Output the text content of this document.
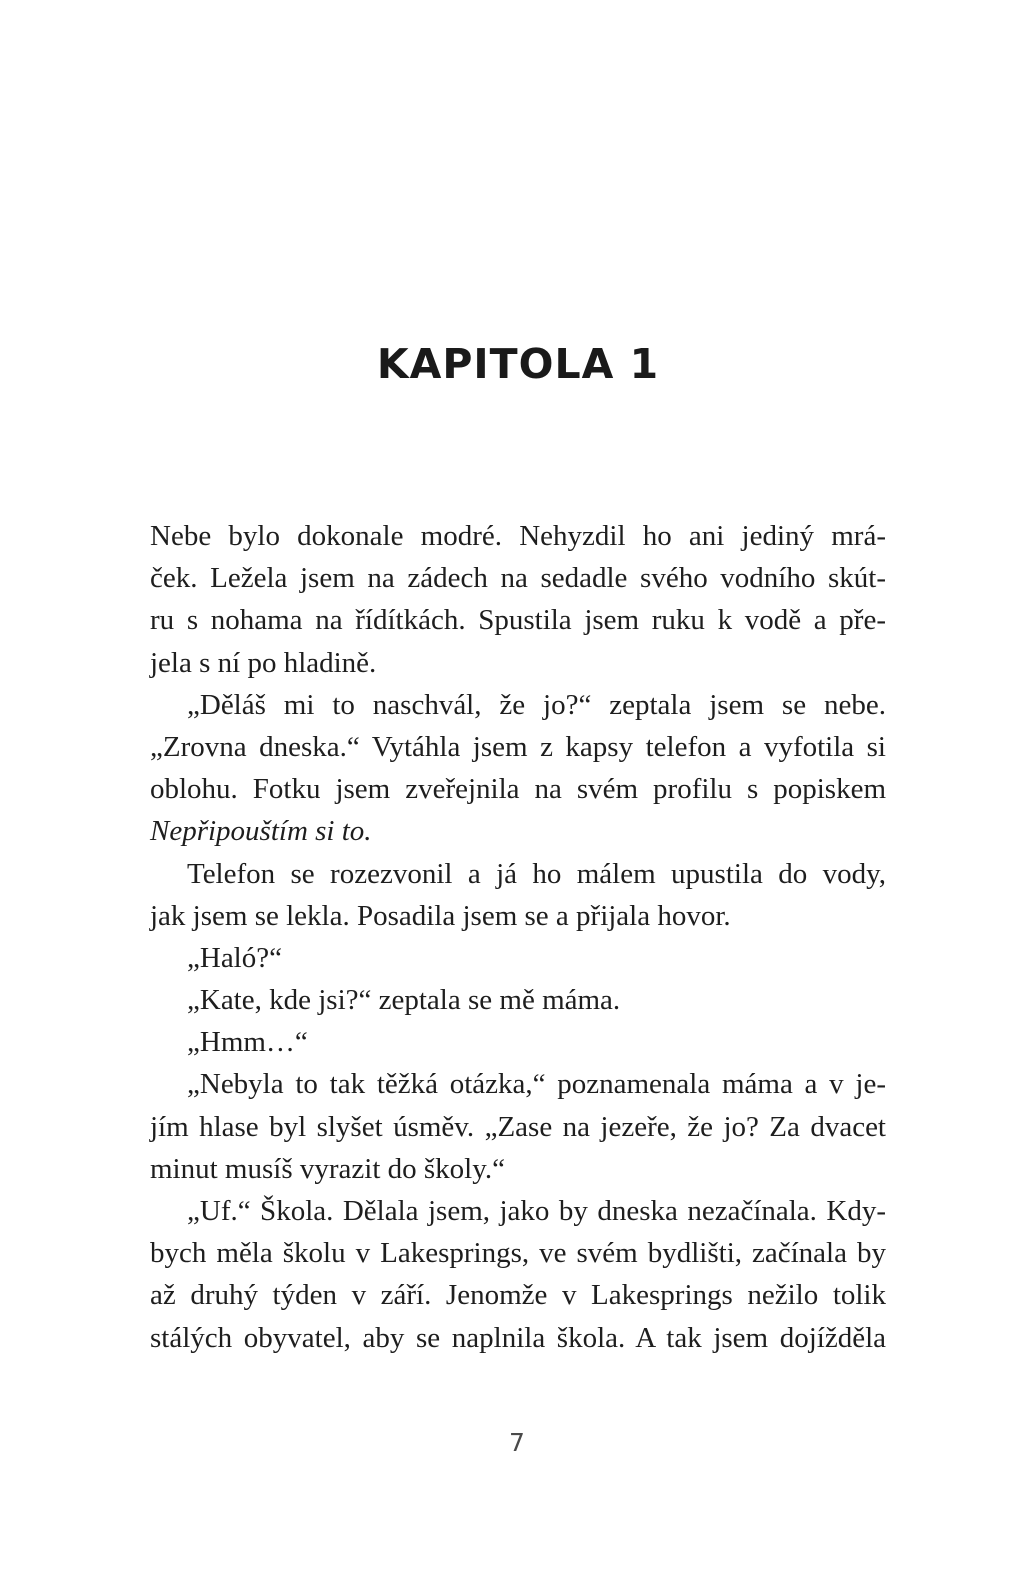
KAPITOLA 1
Nebe bylo dokonale modré. Nehyzdil ho ani jediný mrá-
ček. Ležela jsem na zádech na sedadle svého vodního skút-
ru s nohama na řídítkách. Spustila jsem ruku k vodě a pře-
jela s ní po hladině.
„Děláš mi to naschvál, že jo?“ zeptala jsem se nebe.
„Zrovna dneska.“ Vytáhla jsem z kapsy telefon a vyfotila si
oblohu. Fotku jsem zveřejnila na svém profilu s popiskem
Nepřipouštím si to.
Telefon se rozezvonil a já ho málem upustila do vody,
jak jsem se lekla. Posadila jsem se a přijala hovor.
„Haló?“
„Kate, kde jsi?“ zeptala se mě máma.
„Hmm…“
„Nebyla to tak těžká otázka,“ poznamenala máma a v je-
jím hlase byl slyšet úsměv. „Zase na jezeře, že jo? Za dvacet
minut musíš vyrazit do školy.“
„Uf.“ Škola. Dělala jsem, jako by dneska nezačínala. Kdy-
bych měla školu v Lakesprings, ve svém bydlišti, začínala by
až druhý týden v září. Jenomže v Lakesprings nežilo tolik
stálých obyvatel, aby se naplnila škola. A tak jsem dojížděla
7
